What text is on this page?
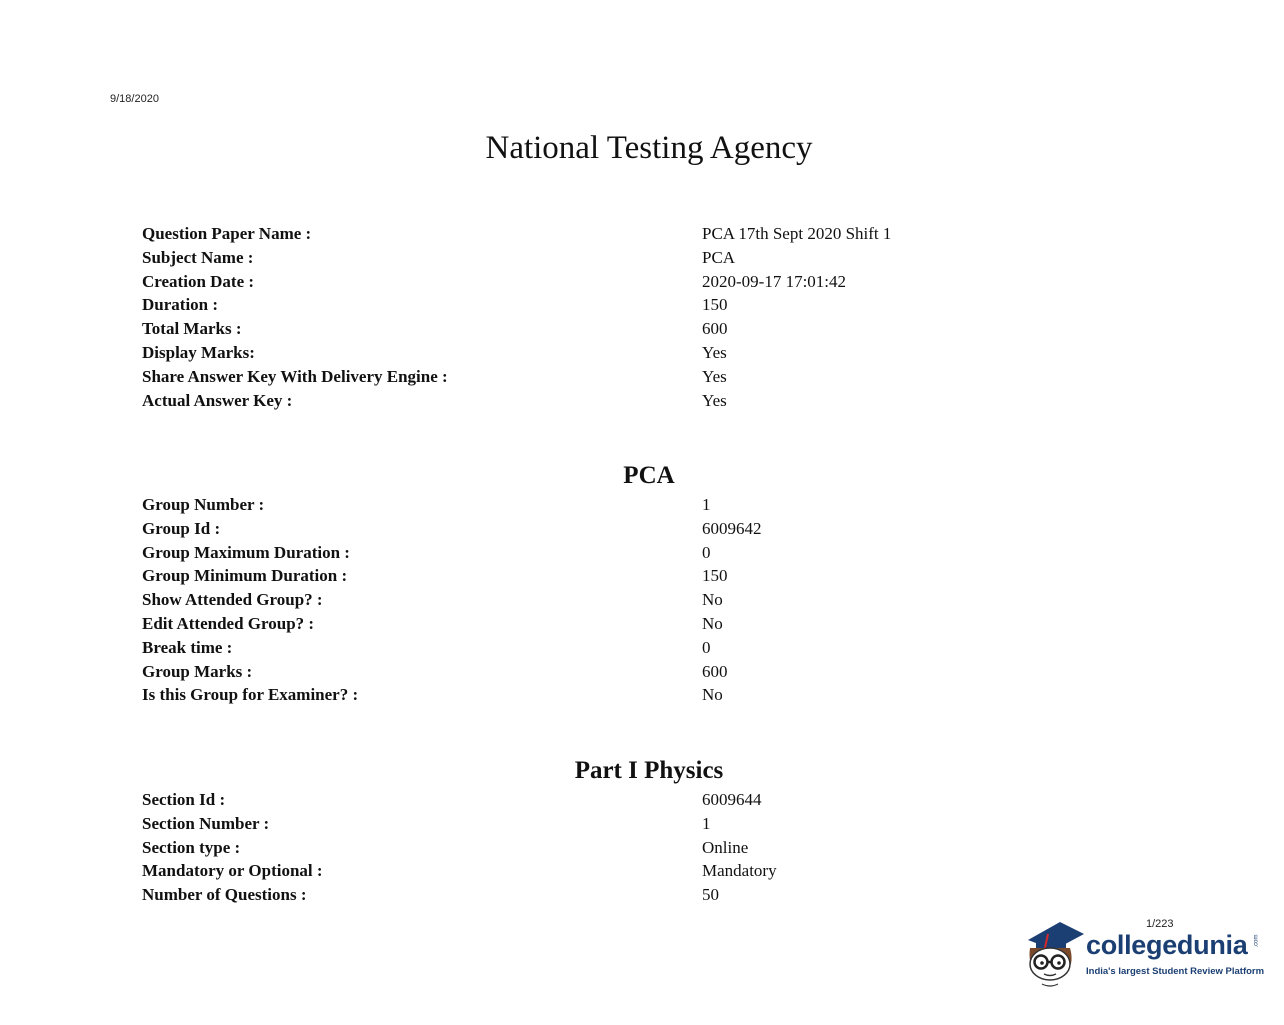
9/18/2020
National Testing Agency
Question Paper Name :	PCA 17th Sept 2020 Shift 1
Subject Name :	PCA
Creation Date :	2020-09-17 17:01:42
Duration :	150
Total Marks :	600
Display Marks:	Yes
Share Answer Key With Delivery Engine :	Yes
Actual Answer Key :	Yes
PCA
Group Number :	1
Group Id :	6009642
Group Maximum Duration :	0
Group Minimum Duration :	150
Show Attended Group? :	No
Edit Attended Group? :	No
Break time :	0
Group Marks :	600
Is this Group for Examiner? :	No
Part I Physics
Section Id :	6009644
Section Number :	1
Section type :	Online
Mandatory or Optional :	Mandatory
Number of Questions :	50
1/223
collegedunia .com
India's largest Student Review Platform
